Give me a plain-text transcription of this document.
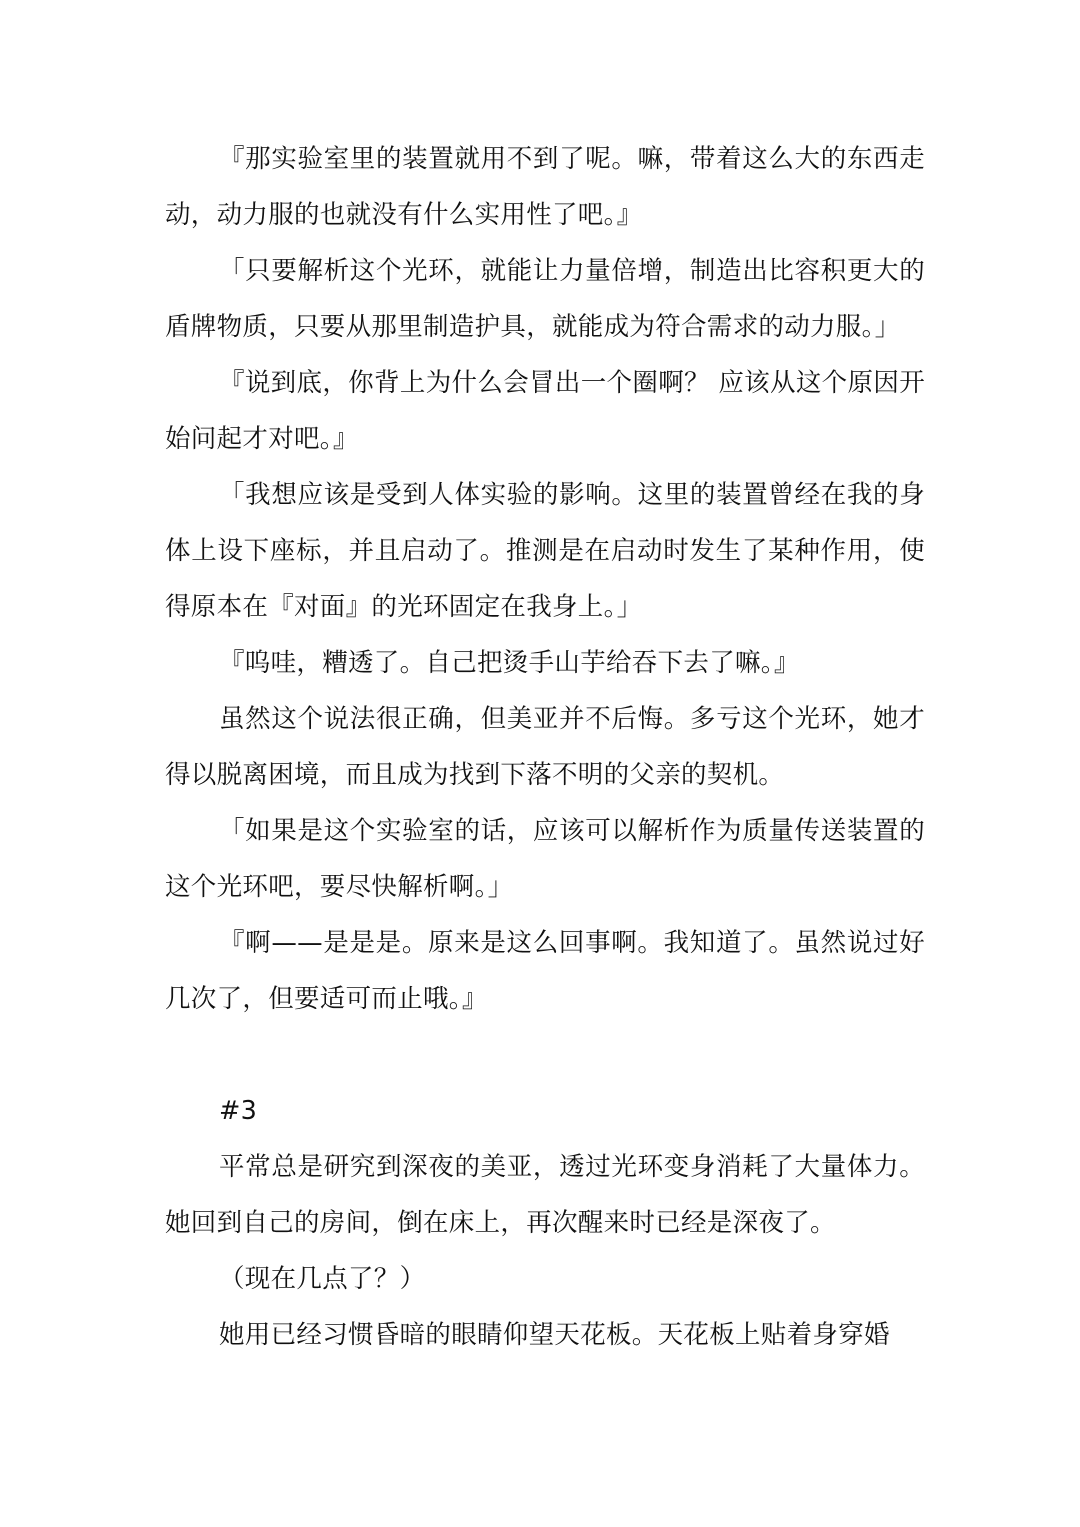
『那实验室里的装置就用不到了呢。嘛，带着这么大的东西走动，动力服的也就没有什么实用性了吧。』

「只要解析这个光环，就能让力量倍增，制造出比容积更大的盾牌物质，只要从那里制造护具，就能成为符合需求的动力服。」

『说到底，你背上为什么会冒出一个圈啊？ 应该从这个原因开始问起才对吧。』

「我想应该是受到人体实验的影响。这里的装置曾经在我的身体上设下座标，并且启动了。推测是在启动时发生了某种作用，使得原本在『对面』的光环固定在我身上。」

『呜哇，糟透了。自己把烫手山芋给吞下去了嘛。』

虽然这个说法很正确，但美亚并不后悔。多亏这个光环，她才得以脱离困境，而且成为找到下落不明的父亲的契机。

「如果是这个实验室的话，应该可以解析作为质量传送装置的这个光环吧，要尽快解析啊。」

『啊——是是是。原来是这么回事啊。我知道了。虽然说过好几次了，但要适可而止哦。』

#3

平常总是研究到深夜的美亚，透过光环变身消耗了大量体力。她回到自己的房间，倒在床上，再次醒来时已经是深夜了。

（现在几点了？）

她用已经习惯昏暗的眼睛仰望天花板。天花板上贴着身穿婚
